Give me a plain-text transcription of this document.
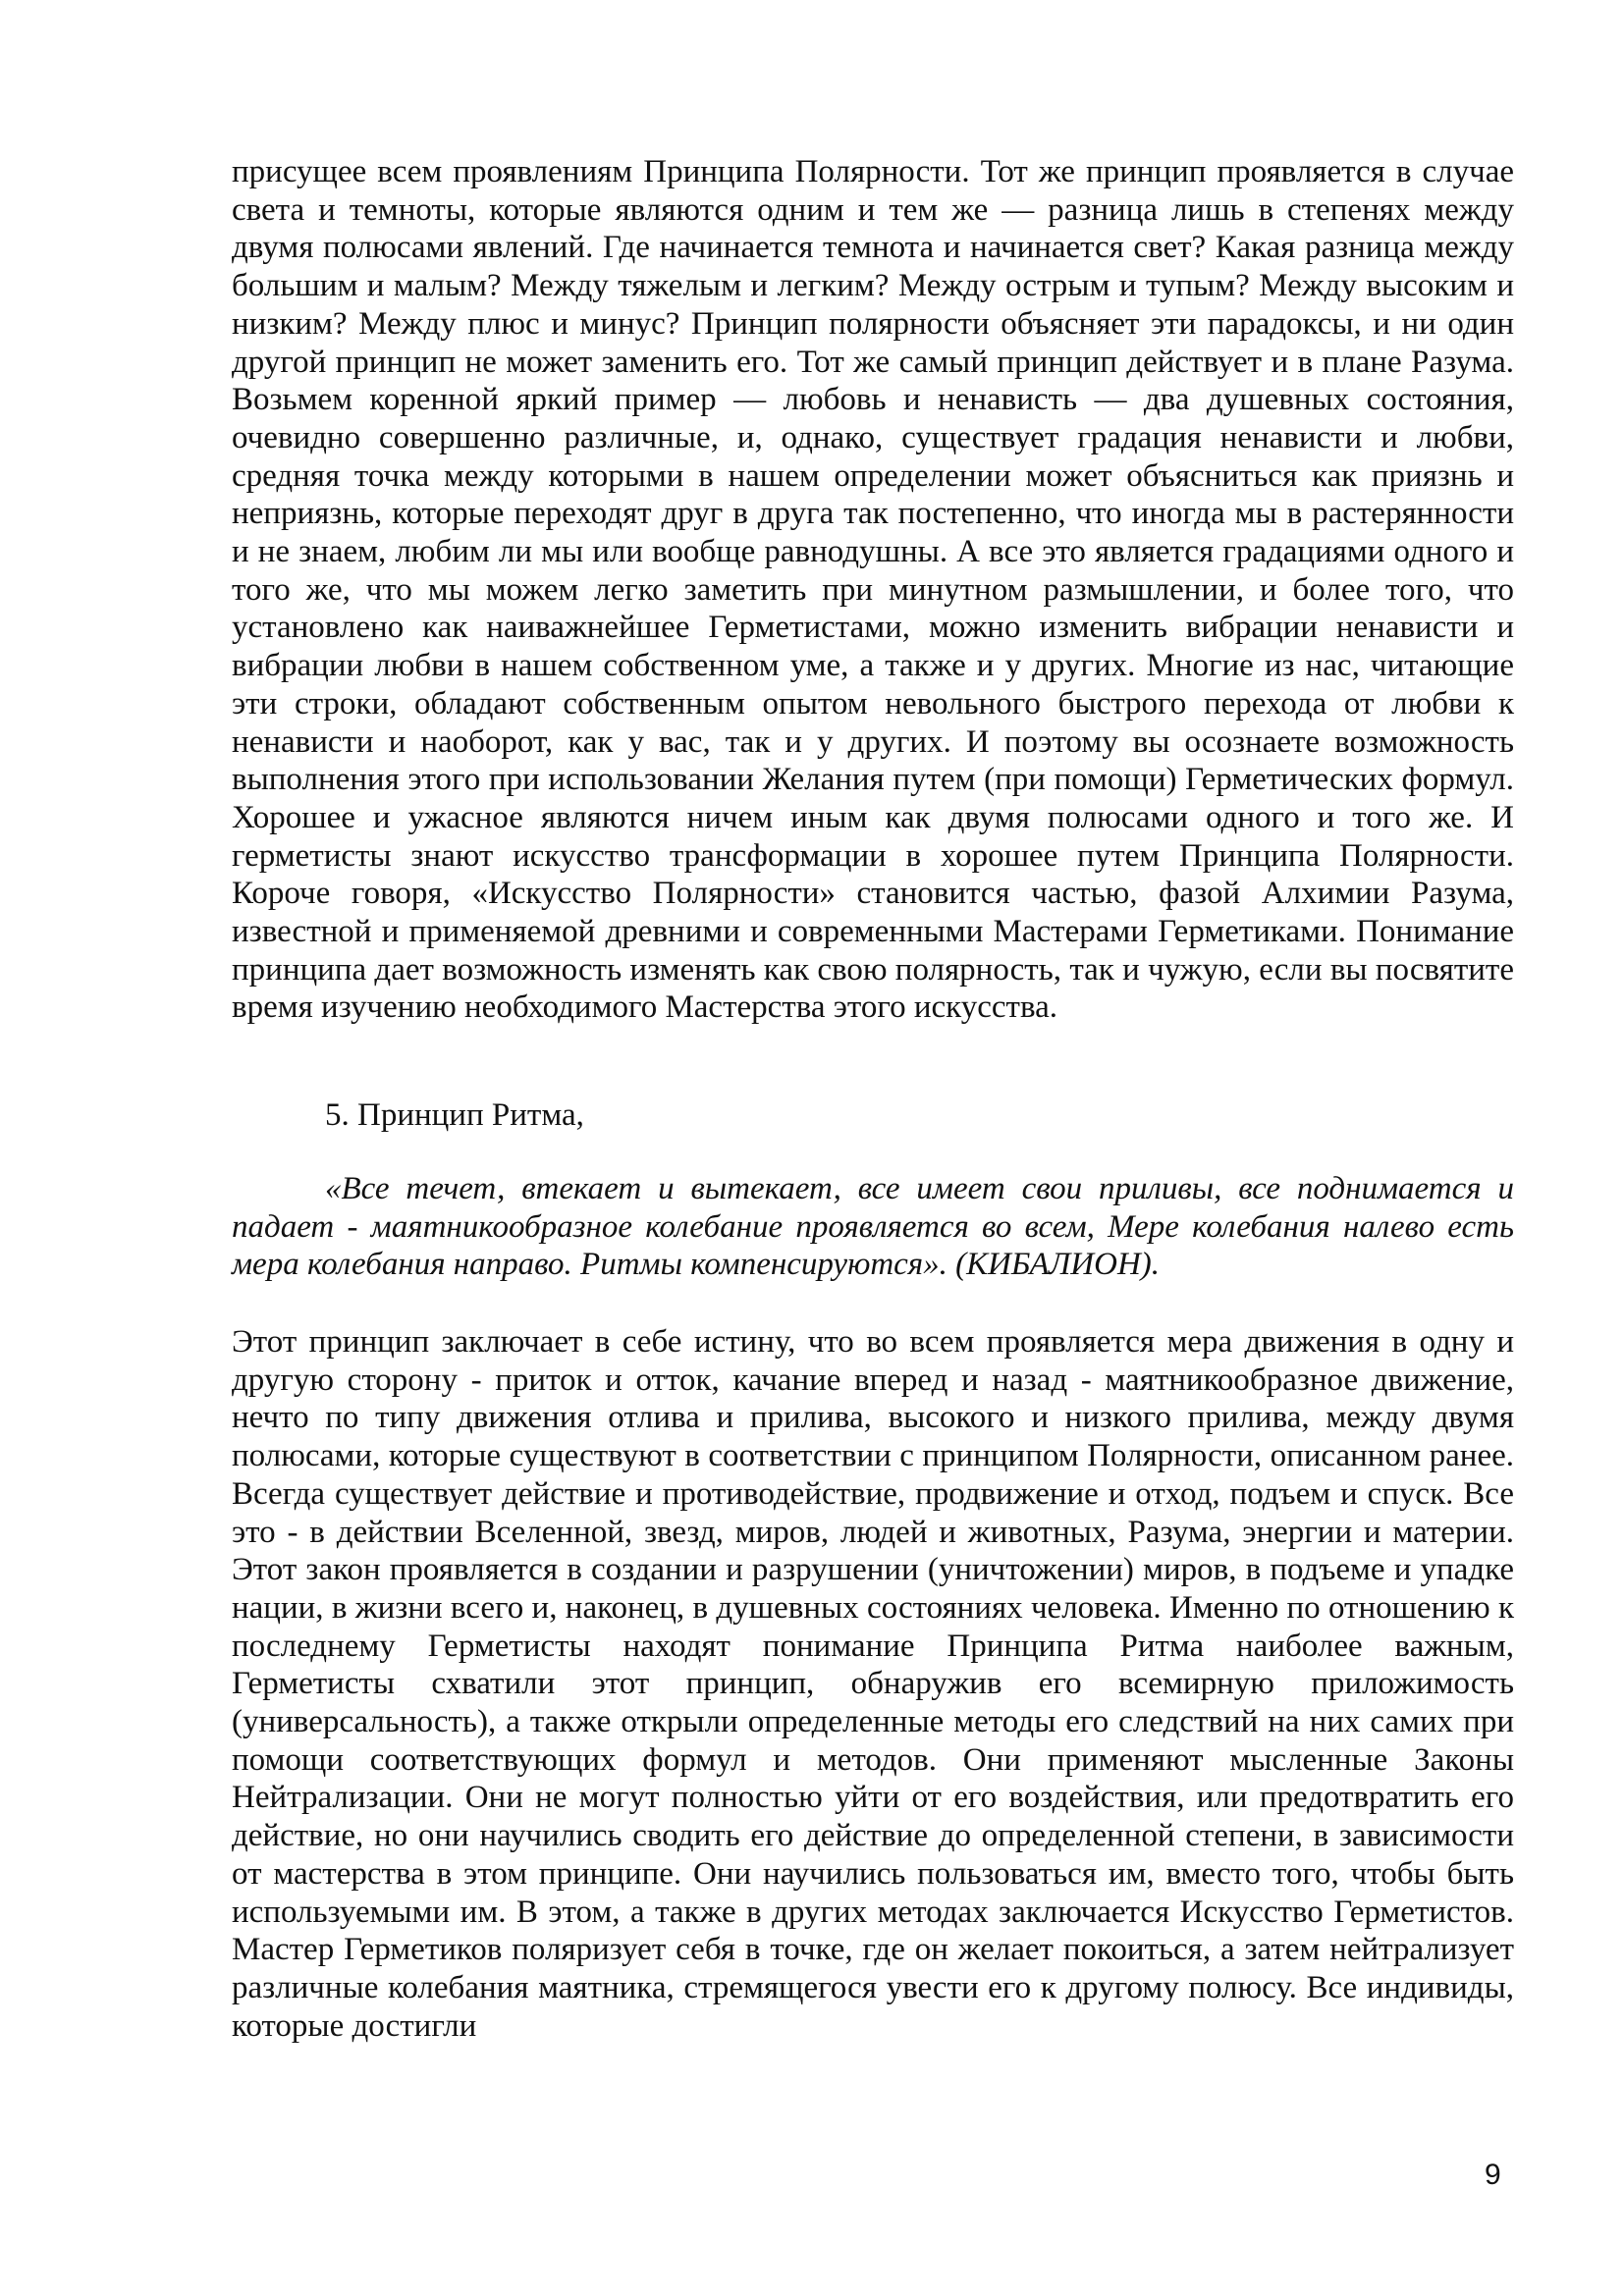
присущее всем проявлениям Принципа Полярности. Тот же принцип проявляется в случае света и темноты, которые являются одним и тем же — разница лишь в степенях между двумя полюсами явлений. Где начинается темнота и начинается свет? Какая разница между большим и малым? Между тяжелым и легким? Между острым и тупым? Между высоким и низким? Между плюс и минус? Принцип полярности объясняет эти парадоксы, и ни один другой принцип не может заменить его. Тот же самый принцип действует и в плане Разума. Возьмем коренной яркий пример — любовь и ненависть — два душевных состояния, очевидно совершенно различные, и, однако, существует градация ненависти и любви, средняя точка между которыми в нашем определении может объясниться как приязнь и неприязнь, которые переходят друг в друга так постепенно, что иногда мы в растерянности и не знаем, любим ли мы или вообще равнодушны. А все это является градациями одного и того же, что мы можем легко заметить при минутном размышлении, и более того, что установлено как наиважнейшее Герметистами, можно изменить вибрации ненависти и вибрации любви в нашем собственном уме, а также и у других. Многие из нас, читающие эти строки, обладают собственным опытом невольного быстрого перехода от любви к ненависти и наоборот, как у вас, так и у других. И поэтому вы осознаете возможность выполнения этого при использовании Желания путем (при помощи) Герметических формул. Хорошее и ужасное являются ничем иным как двумя полюсами одного и того же. И герметисты знают искусство трансформации в хорошее путем Принципа Полярности. Короче говоря, «Искусство Полярности» становится частью, фазой Алхимии Разума, известной и применяемой древними и современными Мастерами Герметиками. Понимание принципа дает возможность изменять как свою полярность, так и чужую, если вы посвятите время изучению необходимого Мастерства этого искусства.

5. Принцип Ритма,

«Все течет, втекает и вытекает, все имеет свои приливы, все поднимается и падает - маятникообразное колебание проявляется во всем, Мере колебания налево есть мера колебания направо. Ритмы компенсируются». (КИБАЛИОН).

Этот принцип заключает в себе истину, что во всем проявляется мера движения в одну и другую сторону - приток и отток, качание вперед и назад - маятникообразное движение, нечто по типу движения отлива и прилива, высокого и низкого прилива, между двумя полюсами, которые существуют в соответствии с принципом Полярности, описанном ранее. Всегда существует действие и противодействие, продвижение и отход, подъем и спуск. Все это - в действии Вселенной, звезд, миров, людей и животных, Разума, энергии и материи. Этот закон проявляется в создании и разрушении (уничтожении) миров, в подъеме и упадке нации, в жизни всего и, наконец, в душевных состояниях человека. Именно по отношению к последнему Герметисты находят понимание Принципа Ритма наиболее важным, Герметисты схватили этот принцип, обнаружив его всемирную приложимость (универсальность), а также открыли определенные методы его следствий на них самих при помощи соответствующих формул и методов. Они применяют мысленные Законы Нейтрализации. Они не могут полностью уйти от его воздействия, или предотвратить его действие, но они научились сводить его действие до определенной степени, в зависимости от мастерства в этом принципе. Они научились пользоваться им, вместо того, чтобы быть используемыми им. В этом, а также в других методах заключается Искусство Герметистов. Мастер Герметиков поляризует себя в точке, где он желает покоиться, а затем нейтрализует различные колебания маятника, стремящегося увести его к другому полюсу. Все индивиды, которые достигли

9
